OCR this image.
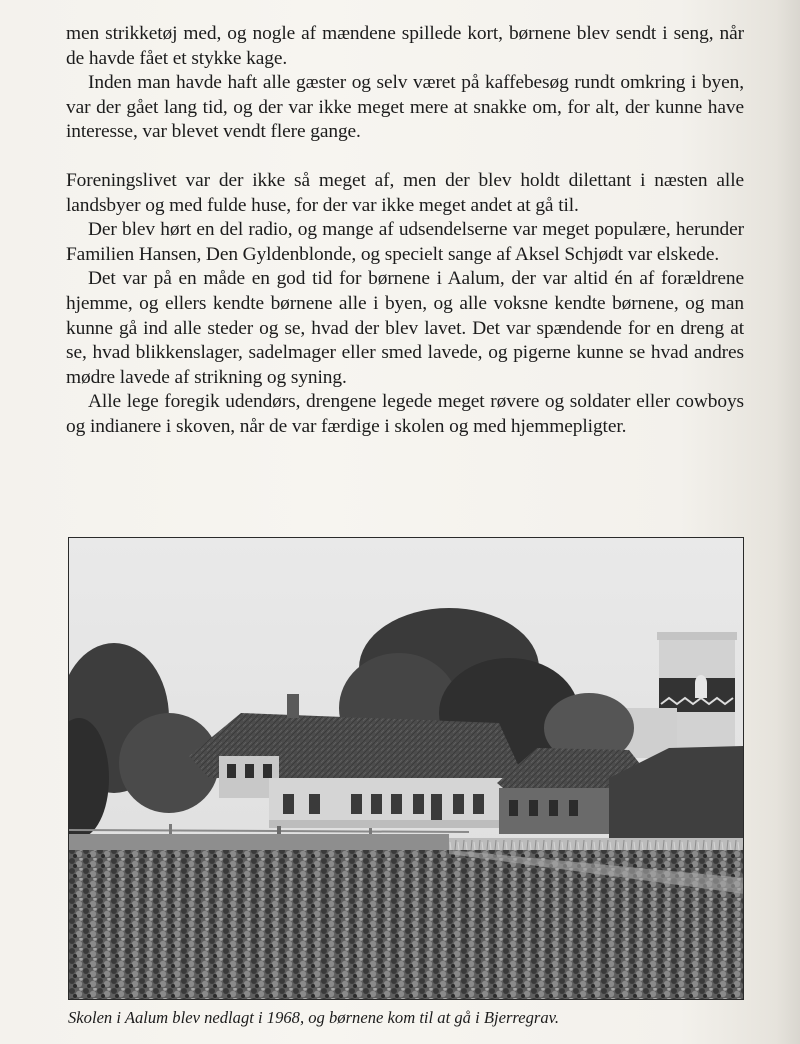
men strikketøj med, og nogle af mændene spillede kort, børnene blev sendt i seng, når de havde fået et stykke kage.

Inden man havde haft alle gæster og selv været på kaffebesøg rundt omkring i byen, var der gået lang tid, og der var ikke meget mere at snakke om, for alt, der kunne have interesse, var blevet vendt flere gange.

Foreningslivet var der ikke så meget af, men der blev holdt dilettant i næsten alle landsbyer og med fulde huse, for der var ikke meget andet at gå til.

Der blev hørt en del radio, og mange af udsendelserne var meget populære, herunder Familien Hansen, Den Gyldenblonde, og specielt sange af Aksel Schjødt var elskede.

Det var på en måde en god tid for børnene i Aalum, der var altid én af forældrene hjemme, og ellers kendte børnene alle i byen, og alle voksne kendte børnene, og man kunne gå ind alle steder og se, hvad der blev lavet. Det var spændende for en dreng at se, hvad blikkenslager, sadelmager eller smed lavede, og pigerne kunne se hvad andres mødre lavede af strikning og syning.

Alle lege foregik udendørs, drengene legede meget røvere og soldater eller cowboys og indianere i skoven, når de var færdige i skolen og med hjemmepligter.

Skolen i Aalum blev nedlagt i 1968, og børnene kom til at gå i Bjerregrav.
